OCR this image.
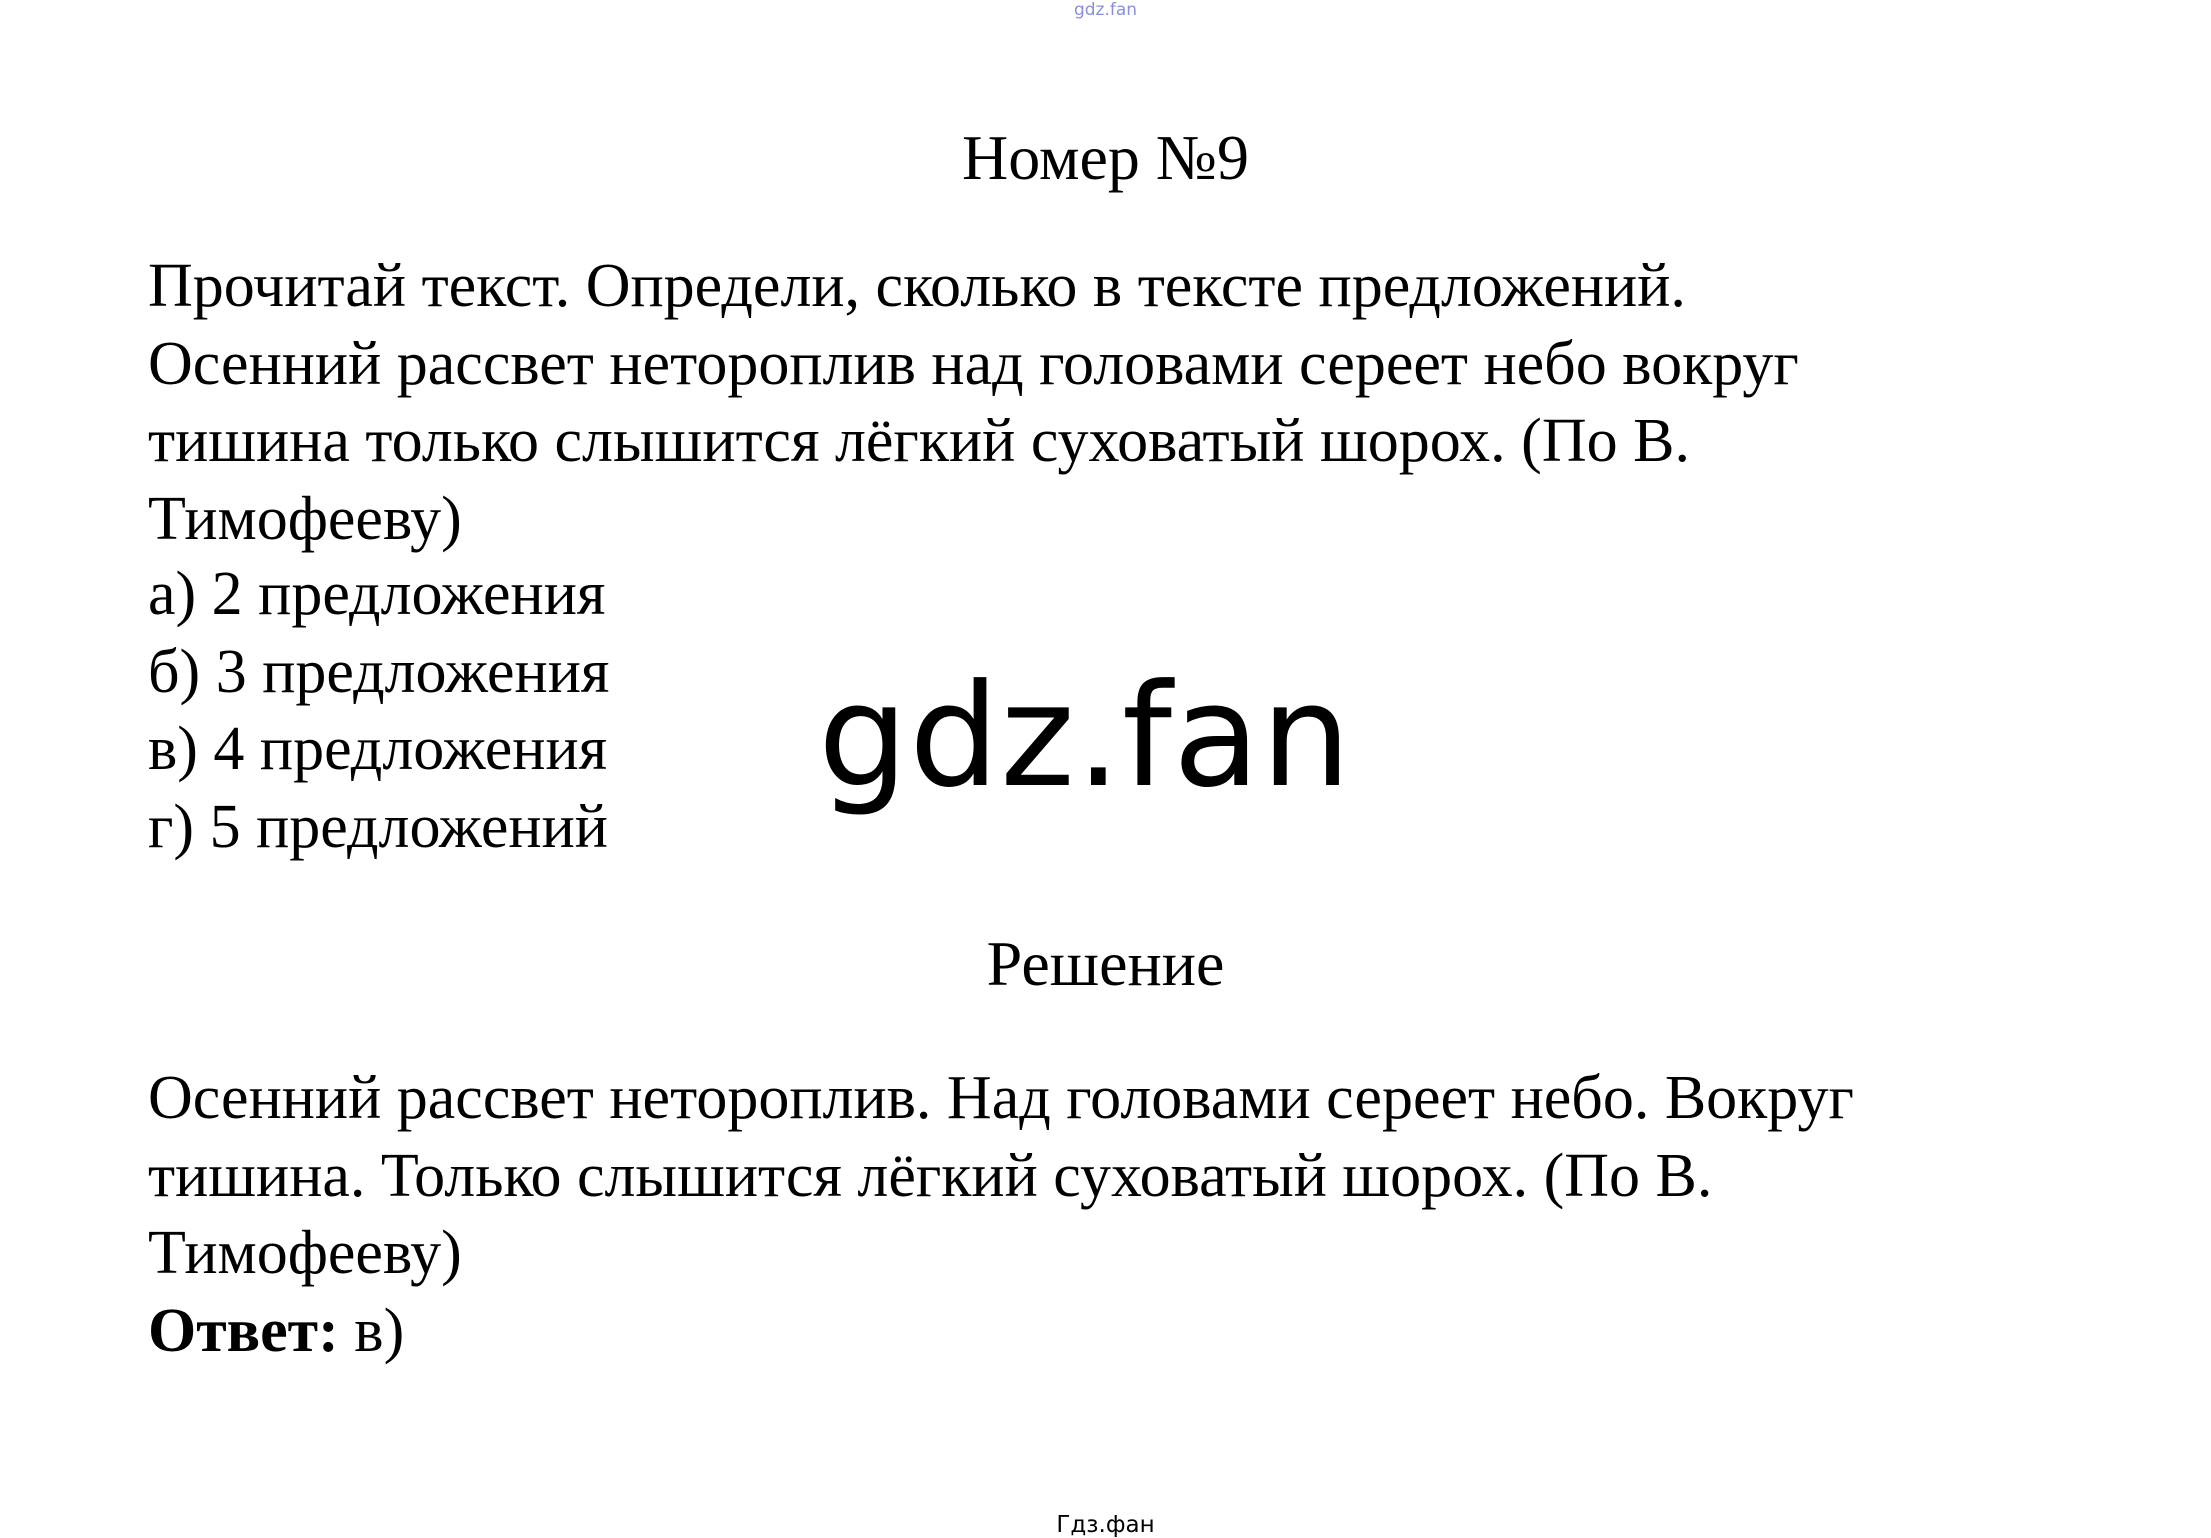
gdz.fan
Номер №9

Прочитай текст. Определи, сколько в тексте предложений.

Осенний рассвет нетороплив над головами сереет небо вокруг

тишина только слышится лёгкий суховатый шорох. (По В.

Тимофееву)

а) 2 предложения
б) 3 предложения
в) 4 предложения
г) 5 предложений
gdz.fan
Решение

Осенний рассвет нетороплив. Над головами сереет небо. Вокруг

тишина. Только слышится лёгкий суховатый шорох. (По В.

Тимофееву)

Ответ: в)

Гдз.фан
